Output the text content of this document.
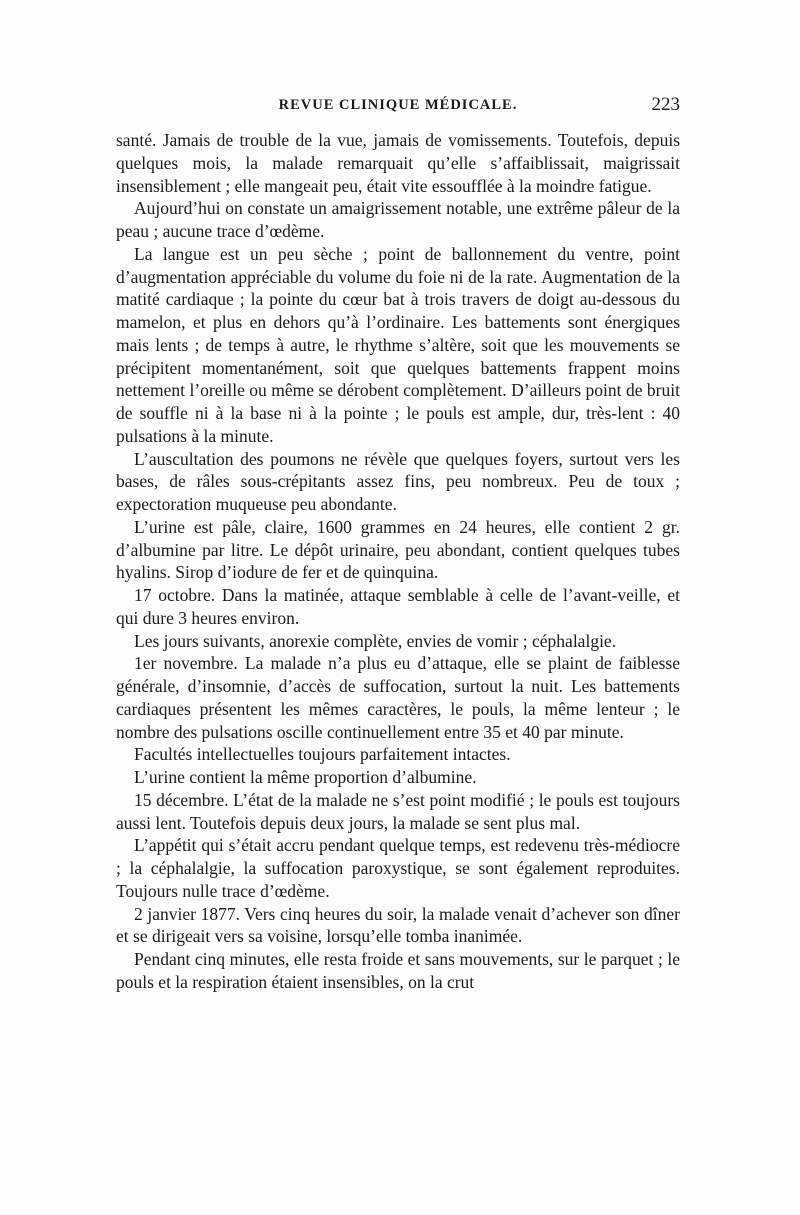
REVUE CLINIQUE MÉDICALE.	223

santé. Jamais de trouble de la vue, jamais de vomissements. Toutefois, depuis quelques mois, la malade remarquait qu’elle s’affaiblissait, maigrissait insensiblement ; elle mangeait peu, était vite essoufflée à la moindre fatigue.

Aujourd’hui on constate un amaigrissement notable, une extrême pâleur de la peau ; aucune trace d’œdème.

La langue est un peu sèche ; point de ballonnement du ventre, point d’augmentation appréciable du volume du foie ni de la rate. Augmentation de la matité cardiaque ; la pointe du cœur bat à trois travers de doigt au-dessous du mamelon, et plus en dehors qu’à l’ordinaire. Les battements sont énergiques mais lents ; de temps à autre, le rhythme s’altère, soit que les mouvements se précipitent momentanément, soit que quelques battements frappent moins nettement l’oreille ou même se dérobent complètement. D’ailleurs point de bruit de souffle ni à la base ni à la pointe ; le pouls est ample, dur, très-lent : 40 pulsations à la minute.

L’auscultation des poumons ne révèle que quelques foyers, surtout vers les bases, de râles sous-crépitants assez fins, peu nombreux. Peu de toux ; expectoration muqueuse peu abondante.

L’urine est pâle, claire, 1600 grammes en 24 heures, elle contient 2 gr. d’albumine par litre. Le dépôt urinaire, peu abondant, contient quelques tubes hyalins. Sirop d’iodure de fer et de quinquina.

17 octobre. Dans la matinée, attaque semblable à celle de l’avant-veille, et qui dure 3 heures environ.

Les jours suivants, anorexie complète, envies de vomir ; céphalalgie.

1er novembre. La malade n’a plus eu d’attaque, elle se plaint de faiblesse générale, d’insomnie, d’accès de suffocation, surtout la nuit. Les battements cardiaques présentent les mêmes caractères, le pouls, la même lenteur ; le nombre des pulsations oscille continuellement entre 35 et 40 par minute.

Facultés intellectuelles toujours parfaitement intactes.

L’urine contient la même proportion d’albumine.

15 décembre. L’état de la malade ne s’est point modifié ; le pouls est toujours aussi lent. Toutefois depuis deux jours, la malade se sent plus mal.

L’appétit qui s’était accru pendant quelque temps, est redevenu très-médiocre ; la céphalalgie, la suffocation paroxystique, se sont également reproduites. Toujours nulle trace d’œdème.

2 janvier 1877. Vers cinq heures du soir, la malade venait d’achever son dîner et se dirigeait vers sa voisine, lorsqu’elle tomba inanimée.

Pendant cinq minutes, elle resta froide et sans mouvements, sur le parquet ; le pouls et la respiration étaient insensibles, on la crut
